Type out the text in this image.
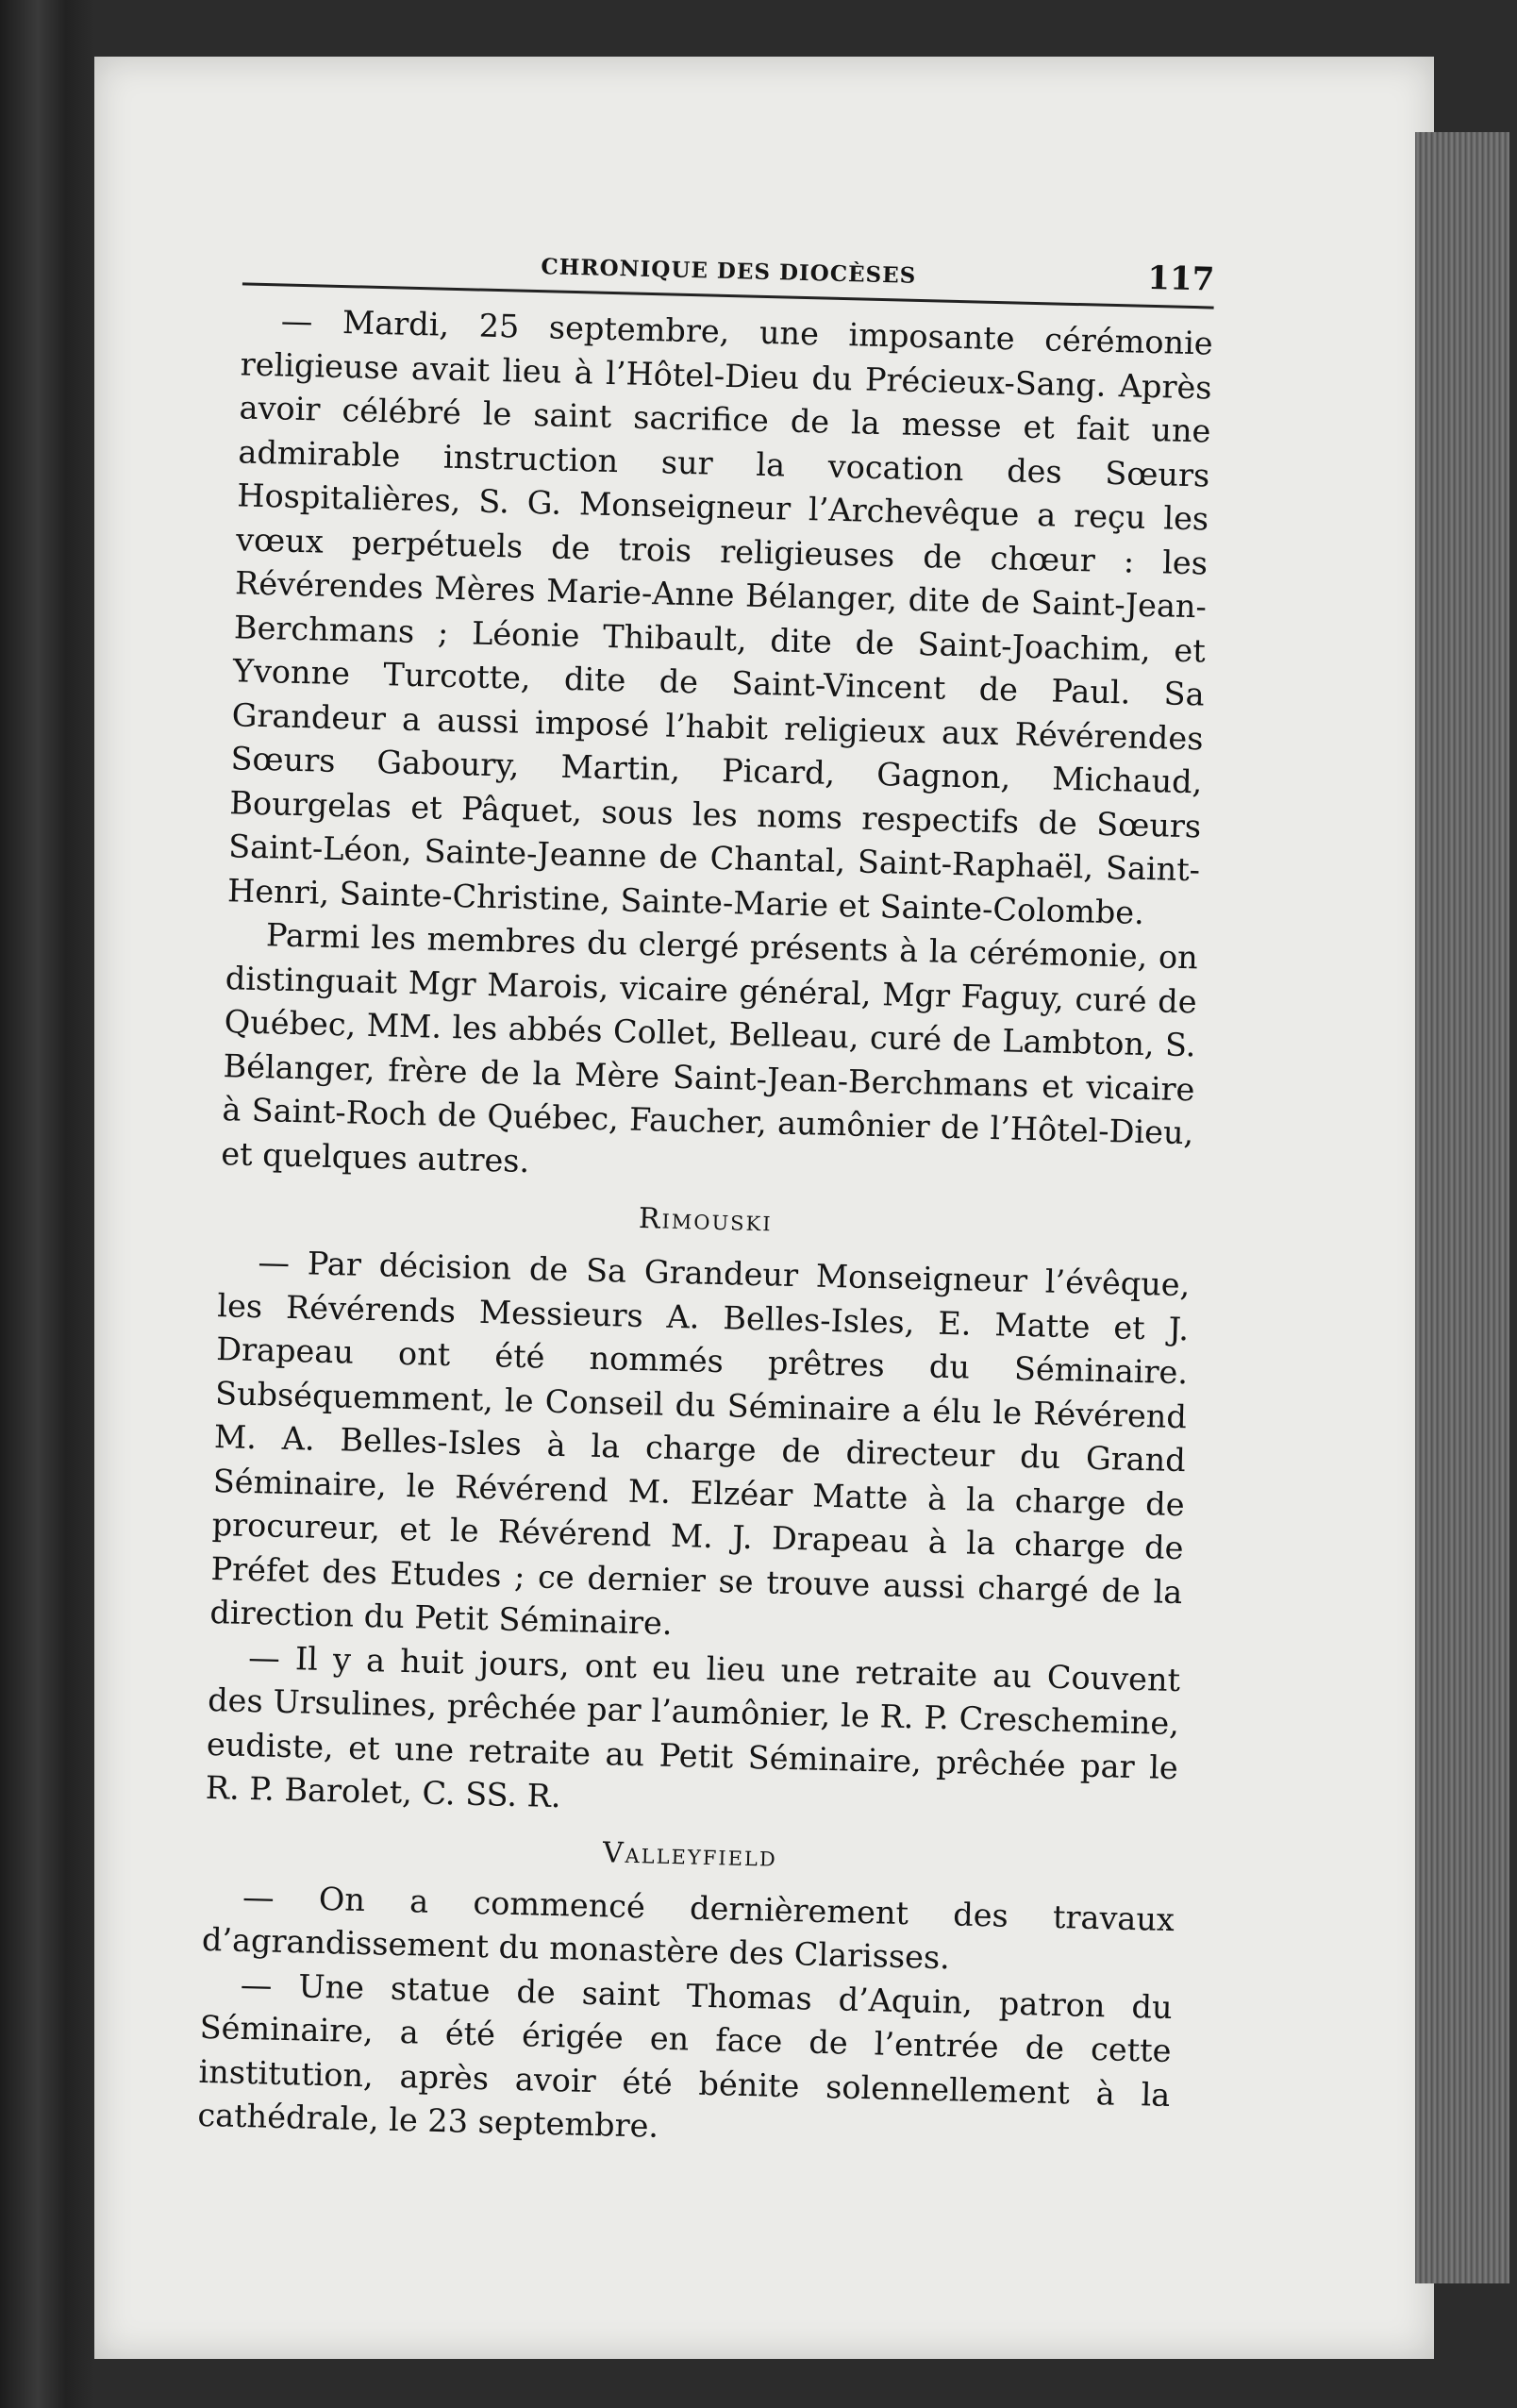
CHRONIQUE DES DIOCÈSES	117

— Mardi, 25 septembre, une imposante cérémonie religieuse avait lieu à l’Hôtel-Dieu du Précieux-Sang. Après avoir célébré le saint sacrifice de la messe et fait une admirable instruction sur la vocation des Sœurs Hospitalières, S. G. Monseigneur l’Archevêque a reçu les vœux perpétuels de trois religieuses de chœur : les Révérendes Mères Marie-Anne Bélanger, dite de Saint-Jean-Berchmans ; Léonie Thibault, dite de Saint-Joachim, et Yvonne Turcotte, dite de Saint-Vincent de Paul. Sa Grandeur a aussi imposé l’habit religieux aux Révérendes Sœurs Gaboury, Martin, Picard, Gagnon, Michaud, Bourgelas et Pâquet, sous les noms respectifs de Sœurs Saint-Léon, Sainte-Jeanne de Chantal, Saint-Raphaël, Saint-Henri, Sainte-Christine, Sainte-Marie et Sainte-Colombe.

Parmi les membres du clergé présents à la cérémonie, on distinguait Mgr Marois, vicaire général, Mgr Faguy, curé de Québec, MM. les abbés Collet, Belleau, curé de Lambton, S. Bélanger, frère de la Mère Saint-Jean-Berchmans et vicaire à Saint-Roch de Québec, Faucher, aumônier de l’Hôtel-Dieu, et quelques autres.

Rimouski

— Par décision de Sa Grandeur Monseigneur l’évêque, les Révérends Messieurs A. Belles-Isles, E. Matte et J. Drapeau ont été nommés prêtres du Séminaire. Subséquemment, le Conseil du Séminaire a élu le Révérend M. A. Belles-Isles à la charge de directeur du Grand Séminaire, le Révérend M. Elzéar Matte à la charge de procureur, et le Révérend M. J. Drapeau à la charge de Préfet des Etudes ; ce dernier se trouve aussi chargé de la direction du Petit Séminaire.

— Il y a huit jours, ont eu lieu une retraite au Couvent des Ursulines, prêchée par l’aumônier, le R. P. Creschemine, eudiste, et une retraite au Petit Séminaire, prêchée par le R. P. Barolet, C. SS. R.

Valleyfield

— On a commencé dernièrement des travaux d’agrandissement du monastère des Clarisses.

— Une statue de saint Thomas d’Aquin, patron du Séminaire, a été érigée en face de l’entrée de cette institution, après avoir été bénite solennellement à la cathédrale, le 23 septembre.
